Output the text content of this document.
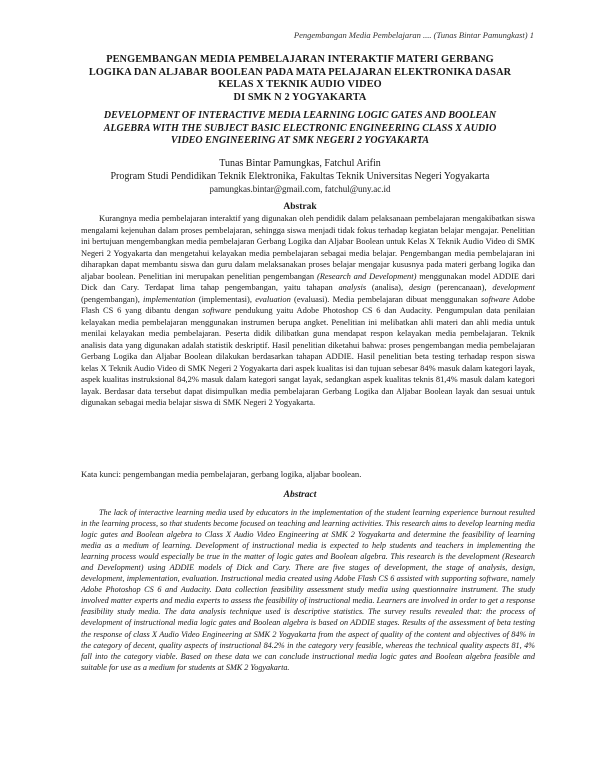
Pengembangan Media Pembelajaran .... (Tunas Bintar Pamungkast) 1
PENGEMBANGAN MEDIA PEMBELAJARAN INTERAKTIF MATERI GERBANG
LOGIKA DAN ALJABAR BOOLEAN PADA MATA PELAJARAN ELEKTRONIKA DASAR
KELAS X TEKNIK AUDIO VIDEO
DI SMK N 2 YOGYAKARTA
DEVELOPMENT OF INTERACTIVE MEDIA LEARNING LOGIC GATES AND BOOLEAN
ALGEBRA WITH THE SUBJECT BASIC ELECTRONIC ENGINEERING CLASS X AUDIO
VIDEO ENGINEERING AT SMK NEGERI 2 YOGYAKARTA
Tunas Bintar Pamungkas, Fatchul Arifin
Program Studi Pendidikan Teknik Elektronika, Fakultas Teknik Universitas Negeri Yogyakarta
pamungkas.bintar@gmail.com, fatchul@uny.ac.id
Abstrak

Kurangnya media pembelajaran interaktif yang digunakan oleh pendidik dalam pelaksanaan pembelajaran mengakibatkan siswa mengalami kejenuhan dalam proses pembelajaran, sehingga siswa menjadi tidak fokus terhadap kegiatan belajar mengajar. Penelitian ini bertujuan mengembangkan media pembelajaran Gerbang Logika dan Aljabar Boolean untuk Kelas X Teknik Audio Video di SMK Negeri 2 Yogyakarta dan mengetahui kelayakan media pembelajaran sebagai media belajar. Pengembangan media pembelajaran ini diharapkan dapat membantu siswa dan guru dalam melaksanakan proses belajar mengajar kususnya pada materi gerbang logika dan aljabar boolean. Penelitian ini merupakan penelitian pengembangan (Research and Development) menggunakan model ADDIE dari Dick dan Cary. Terdapat lima tahap pengembangan, yaitu tahapan analysis (analisa), design (perencanaan), development (pengembangan), implementation (implementasi), evaluation (evaluasi). Media pembelajaran dibuat menggunakan software Adobe Flash CS 6 yang dibantu dengan software pendukung yaitu Adobe Photoshop CS 6 dan Audacity. Pengumpulan data penilaian kelayakan media pembelajaran menggunakan instrumen berupa angket. Penelitian ini melibatkan ahli materi dan ahli media untuk menilai kelayakan media pembelajaran. Peserta didik dilibatkan guna mendapat respon kelayakan media pembelajaran. Teknik analisis data yang digunakan adalah statistik deskriptif. Hasil penelitian diketahui bahwa: proses pengembangan media pembelajaran Gerbang Logika dan Aljabar Boolean dilakukan berdasarkan tahapan ADDIE. Hasil penelitian beta testing terhadap respon siswa kelas X Teknik Audio Video di SMK Negeri 2 Yogyakarta dari aspek kualitas isi dan tujuan sebesar 84% masuk dalam kategori layak, aspek kualitas instruksional 84,2% masuk dalam kategori sangat layak, sedangkan aspek kualitas teknis 81,4% masuk dalam kategori layak. Berdasar data tersebut dapat disimpulkan media pembelajaran Gerbang Logika dan Aljabar Boolean layak dan sesuai untuk digunakan sebagai media belajar siswa di SMK Negeri 2 Yogyakarta.

Kata kunci: pengembangan media pembelajaran, gerbang logika, aljabar boolean.

Abstract

The lack of interactive learning media used by educators in the implementation of the student learning experience burnout resulted in the learning process, so that students become focused on teaching and learning activities. This research aims to develop learning media logic gates and Boolean algebra to Class X Audio Video Engineering at SMK 2 Yogyakarta and determine the feasibility of learning media as a medium of learning. Development of instructional media is expected to help students and teachers in implementing the learning process would especially be true in the matter of logic gates and Boolean algebra. This research is the development (Research and Development) using ADDIE models of Dick and Cary. There are five stages of development, the stage of analysis, design, development, implementation, evaluation. Instructional media created using Adobe Flash CS 6 assisted with supporting software, namely Adobe Photoshop CS 6 and Audacity. Data collection feasibility assessment study media using questionnaire instrument. The study involved matter experts and media experts to assess the feasibility of instructional media. Learners are involved in order to get a response feasibility study media. The data analysis technique used is descriptive statistics. The survey results revealed that: the process of development of instructional media logic gates and Boolean algebra is based on ADDIE stages. Results of the assessment of beta testing the response of class X Audio Video Engineering at SMK 2 Yogyakarta from the aspect of quality of the content and objectives of 84% in the category of decent, quality aspects of instructional 84.2% in the category very feasible, whereas the technical quality aspects 81, 4% fall into the category viable. Based on these data we can conclude instructional media logic gates and Boolean algebra feasible and suitable for use as a medium for students at SMK 2 Yogyakarta.
